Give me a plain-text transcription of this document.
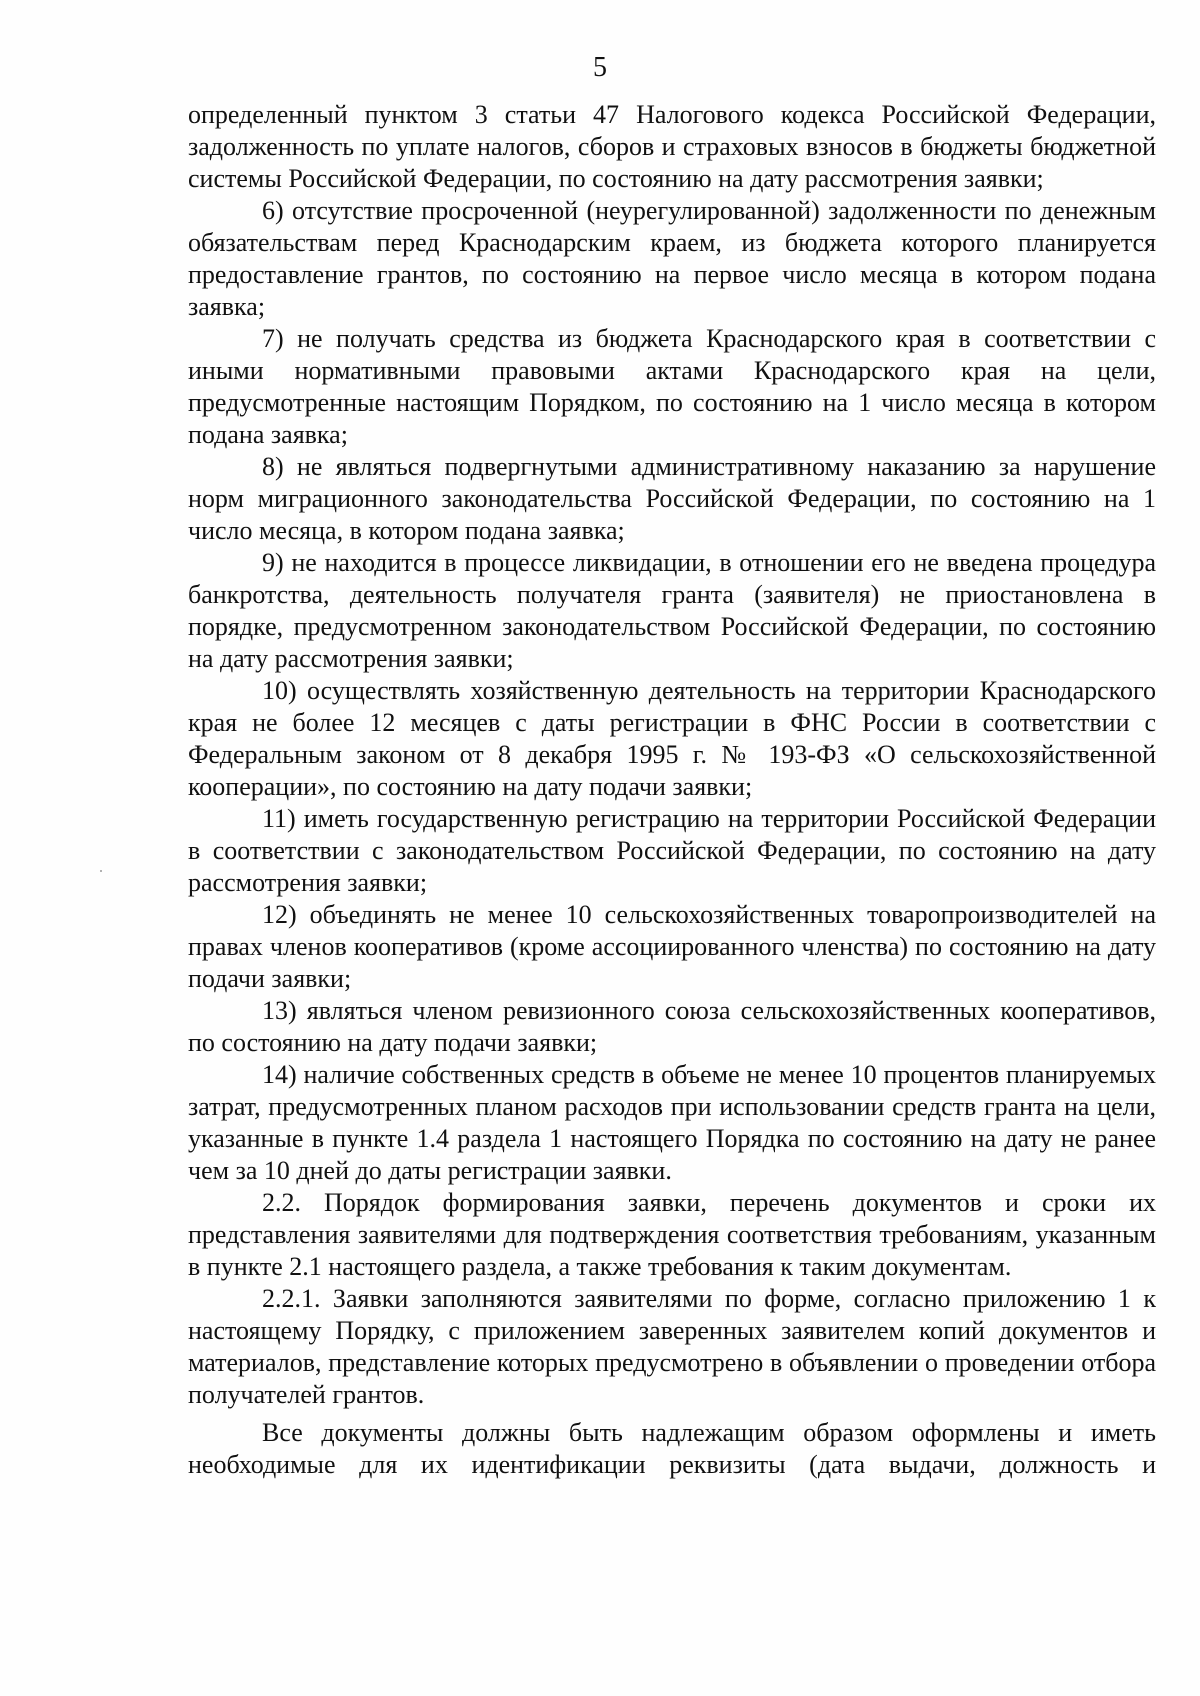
5

определенный пунктом 3 статьи 47 Налогового кодекса Российской Федерации, задолженность по уплате налогов, сборов и страховых взносов в бюджеты бюджетной системы Российской Федерации, по состоянию на дату рассмотрения заявки;

6) отсутствие просроченной (неурегулированной) задолженности по денежным обязательствам перед Краснодарским краем, из бюджета которого планируется предоставление грантов, по состоянию на первое число месяца в котором подана заявка;

7) не получать средства из бюджета Краснодарского края в соответствии с иными нормативными правовыми актами Краснодарского края на цели, предусмотренные настоящим Порядком, по состоянию на 1 число месяца в котором подана заявка;

8) не являться подвергнутыми административному наказанию за нарушение норм миграционного законодательства Российской Федерации, по состоянию на 1 число месяца, в котором подана заявка;

9) не находится в процессе ликвидации, в отношении его не введена процедура банкротства, деятельность получателя гранта (заявителя) не приостановлена в порядке, предусмотренном законодательством Российской Федерации, по состоянию на дату рассмотрения заявки;

10) осуществлять хозяйственную деятельность на территории Краснодарского края не более 12 месяцев с даты регистрации в ФНС России в соответствии с Федеральным законом от 8 декабря 1995 г. № 193-ФЗ «О сельскохозяйственной кооперации», по состоянию на дату подачи заявки;

11) иметь государственную регистрацию на территории Российской Федерации в соответствии с законодательством Российской Федерации, по состоянию на дату рассмотрения заявки;

12) объединять не менее 10 сельскохозяйственных товаропроизводителей на правах членов кооперативов (кроме ассоциированного членства) по состоянию на дату подачи заявки;

13) являться членом ревизионного союза сельскохозяйственных кооперативов, по состоянию на дату подачи заявки;

14) наличие собственных средств в объеме не менее 10 процентов планируемых затрат, предусмотренных планом расходов при использовании средств гранта на цели, указанные в пункте 1.4 раздела 1 настоящего Порядка по состоянию на дату не ранее чем за 10 дней до даты регистрации заявки.

2.2. Порядок формирования заявки, перечень документов и сроки их представления заявителями для подтверждения соответствия требованиям, указанным в пункте 2.1 настоящего раздела, а также требования к таким документам.

2.2.1. Заявки заполняются заявителями по форме, согласно приложению 1 к настоящему Порядку, с приложением заверенных заявителем копий документов и материалов, представление которых предусмотрено в объявлении о проведении отбора получателей грантов.

Все документы должны быть надлежащим образом оформлены и иметь необходимые для их идентификации реквизиты (дата выдачи, должность и
